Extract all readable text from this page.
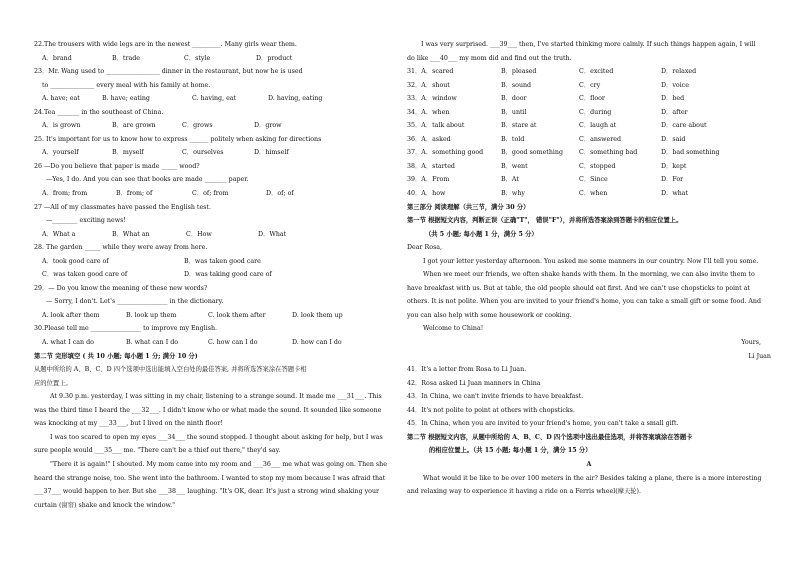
22.The trousers with wide legs are in the newest _________. Many girls wear them.
A．brand	B．trade	C．style	D．product
23．Mr. Wang used to _________________ dinner in the restaurant, but now he is used
to ______________ every meal with his family at home.
A. have; eat	B. have; eating	C. having, eat	D. having, eating
24.Tea _______ in the southeast of China.
A．is grown	B．are grown	C．grows	D．grow
25. It's important for us to know how to express ______ politely when asking for directions
A．yourself	B．myself	C．ourselves	D．himself
26 —Do you believe that paper is made _____ wood?
—Yes, I do. And you can see that books are made _______ paper.
A．from; from	B．from; of	C．of; from	D．of; of
27 —All of my classmates have passed the English test.
—________ exciting news!
A．What a	B．What an	C．How	D．What
28. The garden _____ while they were away from here.
A．took good care of	B．was taken good care
C．was taken good care of	D．was taking good care of
29．— Do you know the meaning of these new words?
— Sorry, I don't. Let's ________________ in the dictionary.
A. look after them	B. look up them	C. look them after	D. look them up
30.Please tell me ________________ to improve my English.
A. what I can do	B. what can I do	C. how can I do	D. how can I do
第二节 完形填空 ( 共 10 小题; 每小题 1 分; 满分 10 分)
从题中所给的 A、B、C、D 四个选项中选出能填入空白处的最佳答案, 并将所选答案涂在答题卡相
应的位置上。
At 9.30 p.m. yesterday, I was sitting in my chair, listening to a strange sound. It made me ___31___. This was the third time I heard the ___32___. I didn't know who or what made the sound. It sounded like someone was knocking at my ___33___, but I lived on the ninth floor!
I was too scared to open my eyes ___34___ the sound stopped. I thought about asking for help, but I was sure people would ___35___ me. "There can't be a thief out there," they'd say.
"There it is again!" I shouted. My mom came into my room and ___36___ me what was going on. Then she heard the strange noise, too. She went into the bathroom. I wanted to stop my mom because I was afraid that ___37___ would happen to her. But she ___38___ laughing. "It's OK, dear. It's just a strong wind shaking your curtain (窗帘) shake and knock the window."
I was very surprised. ___39___ then, I've started thinking more calmly. If such things happen again, I will
do like ___40___ my mom did and find out the truth.
31．A．scared	B．pleased	C．excited	D．relaxed
32．A．shout	B．sound	C．cry	D．voice
33．A．window	B．door	C．floor	D．bed
34．A．when	B．until	C．during	D．after
35．A．talk about	B．stare at	C．laugh at	D．care about
36．A．asked	B．told	C．answered	D．said
37．A．something good	B．good something	C．something bad	D．bad something
38．A．started	B．went	C．stopped	D．kept
39．A．From	B．At	C．Since	D．For
40．A．how	B．why	C．when	D．what
第三部分 阅读理解（共三节，满分 30 分）
第一节 根据短文内容，判断正误（正确"T"， 错误"F"），并将所选答案涂到答题卡的相应位置上。
（共 5 小题; 每小题 1 分，满分 5 分）
Dear Rosa,
I got your letter yesterday afternoon. You asked me some manners in our country. Now I'll tell you some.
When we meet our friends, we often shake hands with them. In the morning, we can also invite them to have breakfast with us. But at table, the old people should eat first. And we can't use chopsticks to point at others. It is not polite. When you are invited to your friend's home, you can take a small gift or some food. And you can also help with some housework or cooking.
Welcome to China!
Yours,
Li Juan
41．It's a letter from Rosa to Li Juan.
42．Rosa asked Li Juan manners in China
43．In China, we can't invite friends to have breakfast.
44．It's not polite to point at others with chopsticks.
45．In China, when you are invited to your friend's home, you can't take a small gift.
第二节 根据短文内容，从题中所给的 A、B、C、D 四个选项中选出最佳选项，并将答案填涂在答题卡
的相应位置上。（共 15 小题; 每小题 1 分，满分 15 分）
A
What would it be like to be over 100 meters in the air? Besides taking a plane, there is a more interesting and relaxing way to experience it having a ride on a Ferris wheel(摩天轮).
